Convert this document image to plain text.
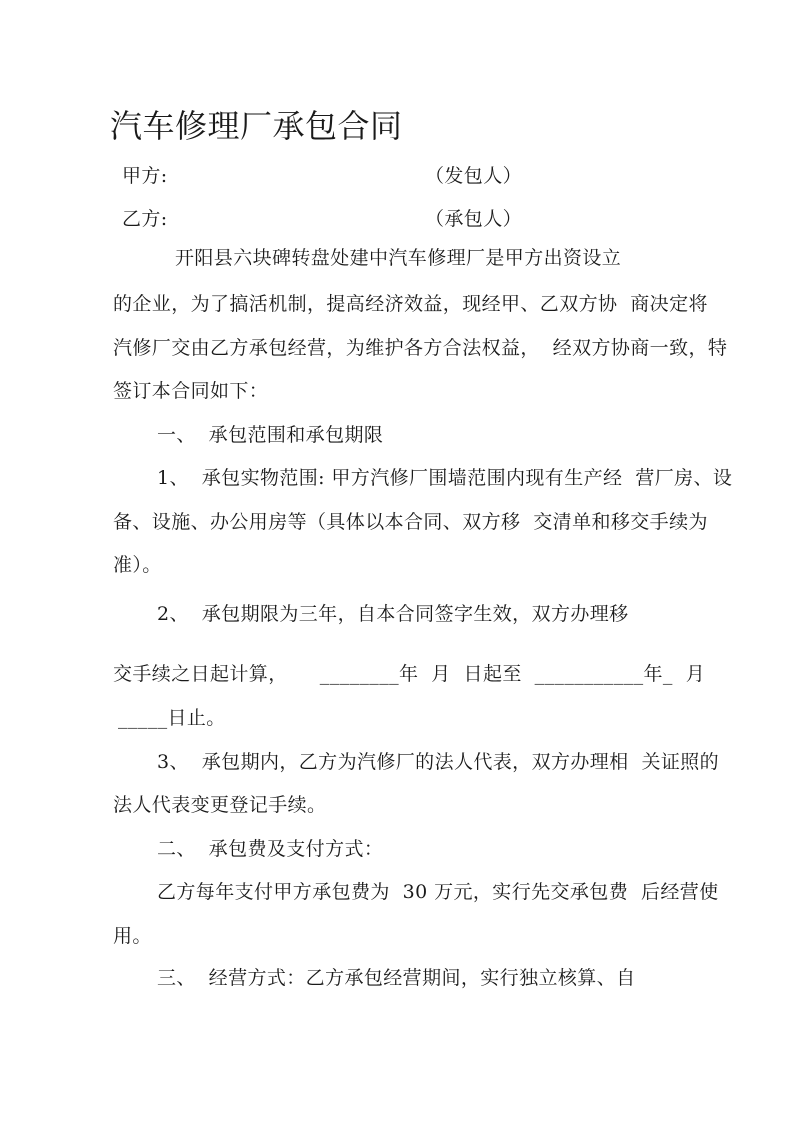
汽车修理厂承包合同
甲方:	（发包人）
乙方:	（承包人）
开阳县六块碑转盘处建中汽车修理厂是甲方出资设立
的企业，为了搞活机制，提高经济效益，现经甲、乙双方协  商决定将
汽修厂交由乙方承包经营，为维护各方合法权益，  经双方协商一致，特
签订本合同如下：
一、  承包范围和承包期限
1、  承包实物范围: 甲方汽修厂围墙范围内现有生产经  营厂房、设
备、设施、办公用房等（具体以本合同、双方移  交清单和移交手续为
准）。
2、  承包期限为三年，自本合同签字生效，双方办理移
交手续之日起计算，     ________年  月  日起至  ___________年_  月
_____日止。
3、  承包期内，乙方为汽修厂的法人代表，双方办理相  关证照的
法人代表变更登记手续。
二、  承包费及支付方式：
乙方每年支付甲方承包费为  30 万元，实行先交承包费  后经营使
用。
三、  经营方式：乙方承包经营期间，实行独立核算、自
